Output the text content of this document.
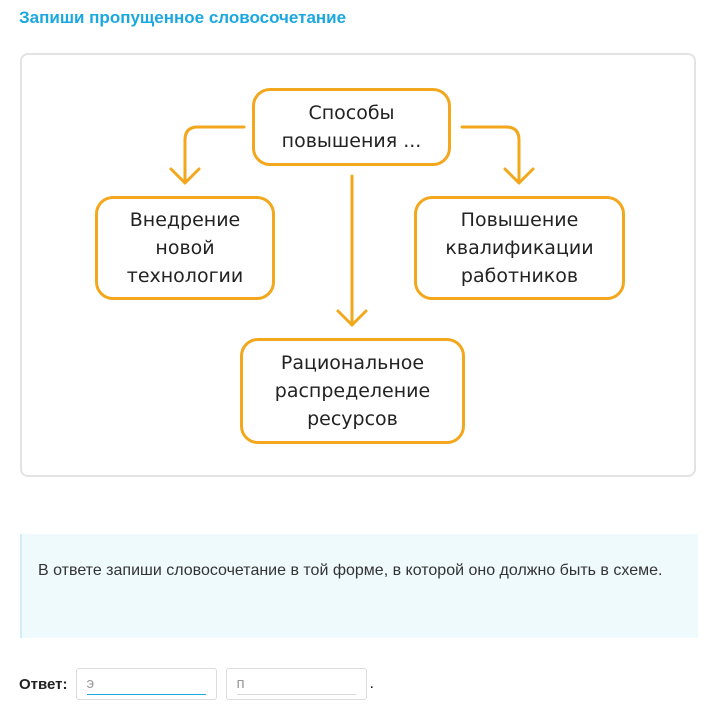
Запиши пропущенное словосочетание
Способы
повышения ...
Внедрение
новой
технологии
Повышение
квалификации
работников
Рациональное
распределение
ресурсов
В ответе запиши словосочетание в той форме, в которой оно должно быть в схеме.
Ответ:
э
п	.
